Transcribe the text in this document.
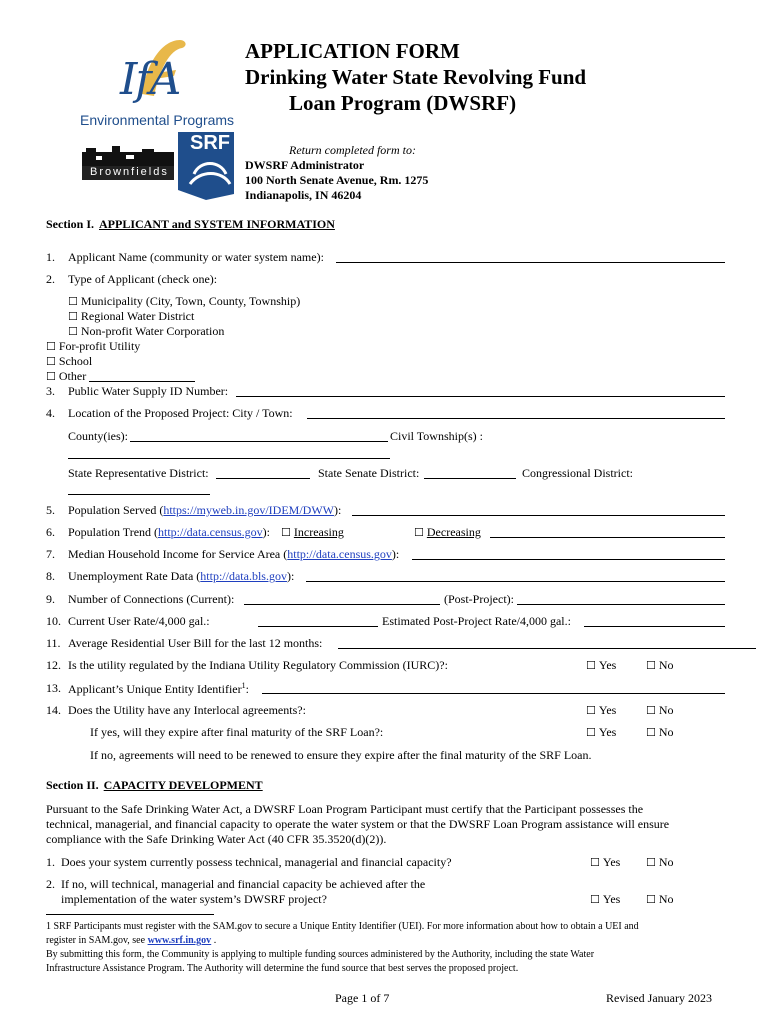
IfA
Environmental Programs
Brownfields
SRF
APPLICATION FORM
Drinking Water State Revolving Fund
Loan Program (DWSRF)
Return completed form to:
DWSRF Administrator
100 North Senate Avenue, Rm. 1275
Indianapolis, IN 46204
Section I. APPLICANT and SYSTEM INFORMATION
1. Applicant Name (community or water system name):
2. Type of Applicant (check one):
☐ Municipality (City, Town, County, Township)
☐ Regional Water District
☐ Non-profit Water Corporation
☐ For-profit Utility
☐ School
☐ Other
3. Public Water Supply ID Number:
4. Location of the Proposed Project: City / Town:
County(ies):	Civil Township(s) :
State Representative District:	State Senate District:	Congressional District:
5. Population Served (https://myweb.in.gov/IDEM/DWW):
6. Population Trend (http://data.census.gov):	☐ Increasing	☐ Decreasing
7. Median Household Income for Service Area (http://data.census.gov):
8. Unemployment Rate Data (http://data.bls.gov):
9. Number of Connections (Current):	(Post-Project):
10. Current User Rate/4,000 gal.:	Estimated Post-Project Rate/4,000 gal.:
11. Average Residential User Bill for the last 12 months:
12. Is the utility regulated by the Indiana Utility Regulatory Commission (IURC)?:	☐ Yes	☐ No
13. Applicant’s Unique Entity Identifier$^1$:
14. Does the Utility have any Interlocal agreements?:	☐ Yes	☐ No
If yes, will they expire after final maturity of the SRF Loan?:	☐ Yes	☐ No
If no, agreements will need to be renewed to ensure they expire after the final maturity of the SRF Loan.
Section II. CAPACITY DEVELOPMENT
Pursuant to the Safe Drinking Water Act, a DWSRF Loan Program Participant must certify that the Participant possesses the
technical, managerial, and financial capacity to operate the water system or that the DWSRF Loan Program assistance will ensure
compliance with the Safe Drinking Water Act (40 CFR 35.3520(d)(2)).
1. Does your system currently possess technical, managerial and financial capacity?	☐ Yes	☐ No
2. If no, will technical, managerial and financial capacity be achieved after the
implementation of the water system’s DWSRF project?	☐ Yes	☐ No
1 SRF Participants must register with the SAM.gov to secure a Unique Entity Identifier (UEI). For more information about how to obtain a UEI and
register in SAM.gov, see www.srf.in.gov .
By submitting this form, the Community is applying to multiple funding sources administered by the Authority, including the state Water
Infrastructure Assistance Program. The Authority will determine the fund source that best serves the proposed project.
Page 1 of 7	Revised January 2023
